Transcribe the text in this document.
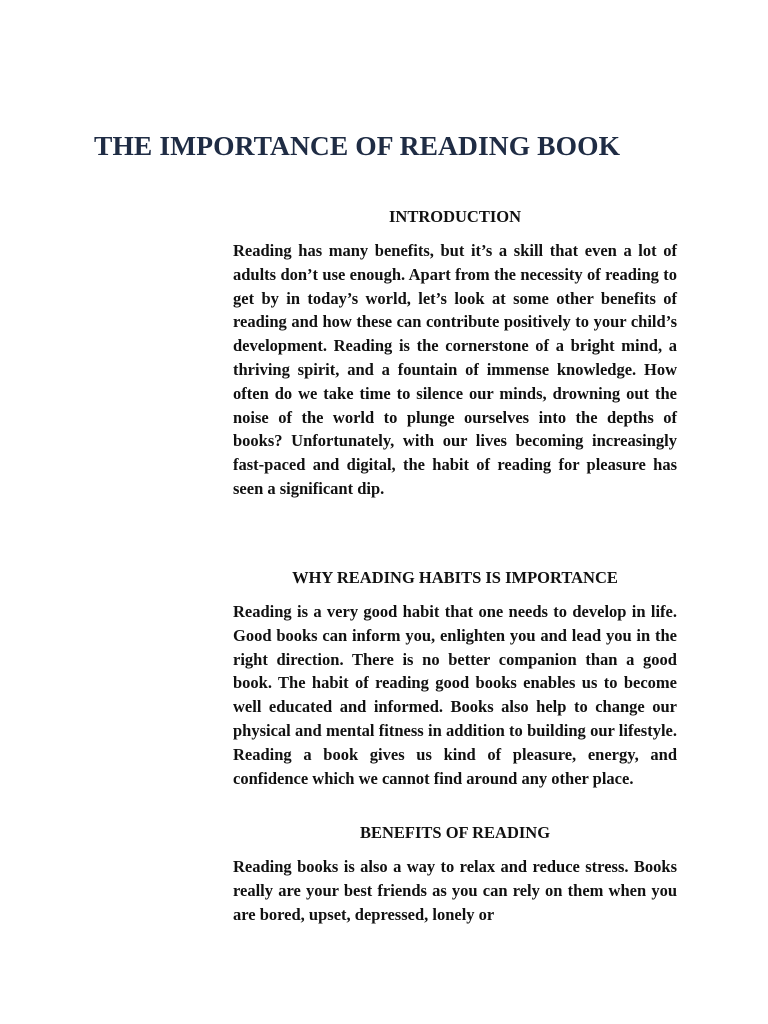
THE IMPORTANCE OF READING BOOK
INTRODUCTION

Reading has many benefits, but it’s a skill that even a lot of adults don’t use enough. Apart from the necessity of reading to get by in today’s world, let’s look at some other benefits of reading and how these can contribute positively to your child’s development. Reading is the cornerstone of a bright mind, a thriving spirit, and a fountain of immense knowledge. How often do we take time to silence our minds, drowning out the noise of the world to plunge ourselves into the depths of books? Unfortunately, with our lives becoming increasingly fast-paced and digital, the habit of reading for pleasure has seen a significant dip.

WHY READING HABITS IS IMPORTANCE

Reading is a very good habit that one needs to develop in life. Good books can inform you, enlighten you and lead you in the right direction. There is no better companion than a good book. The habit of reading good books enables us to become well educated and informed. Books also help to change our physical and mental fitness in addition to building our lifestyle. Reading a book gives us kind of pleasure, energy, and confidence which we cannot find around any other place.

BENEFITS OF READING

Reading books is also a way to relax and reduce stress. Books really are your best friends as you can rely on them when you are bored, upset, depressed, lonely or
